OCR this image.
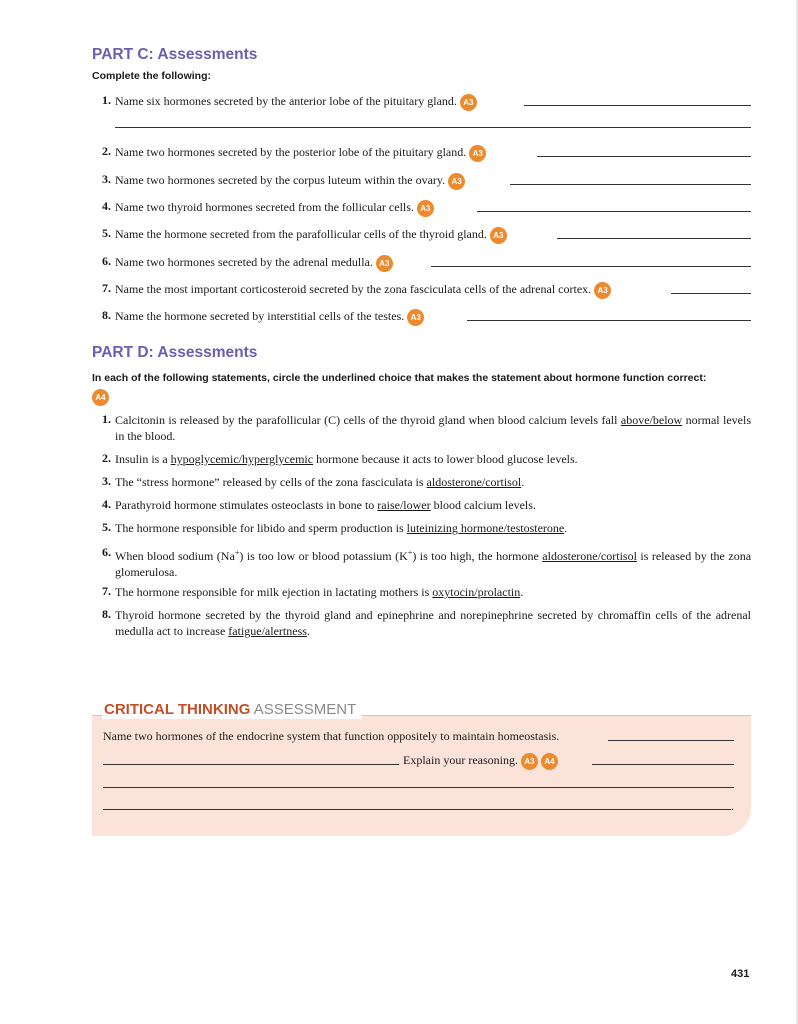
PART C: Assessments
Complete the following:
1. Name six hormones secreted by the anterior lobe of the pituitary gland. A3
2. Name two hormones secreted by the posterior lobe of the pituitary gland. A3
3. Name two hormones secreted by the corpus luteum within the ovary. A3
4. Name two thyroid hormones secreted from the follicular cells. A3
5. Name the hormone secreted from the parafollicular cells of the thyroid gland. A3
6. Name two hormones secreted by the adrenal medulla. A3
7. Name the most important corticosteroid secreted by the zona fasciculata cells of the adrenal cortex. A3
8. Name the hormone secreted by interstitial cells of the testes. A3
PART D: Assessments
In each of the following statements, circle the underlined choice that makes the statement about hormone function correct:
A4
1. Calcitonin is released by the parafollicular (C) cells of the thyroid gland when blood calcium levels fall above/below normal levels in the blood.
2. Insulin is a hypoglycemic/hyperglycemic hormone because it acts to lower blood glucose levels.
3. The “stress hormone” released by cells of the zona fasciculata is aldosterone/cortisol.
4. Parathyroid hormone stimulates osteoclasts in bone to raise/lower blood calcium levels.
5. The hormone responsible for libido and sperm production is luteinizing hormone/testosterone.
6. When blood sodium (Na+) is too low or blood potassium (K+) is too high, the hormone aldosterone/cortisol is released by the zona glomerulosa.
7. The hormone responsible for milk ejection in lactating mothers is oxytocin/prolactin.
8. Thyroid hormone secreted by the thyroid gland and epinephrine and norepinephrine secreted by chromaffin cells of the adrenal medulla act to increase fatigue/alertness.
CRITICAL THINKING ASSESSMENT
Name two hormones of the endocrine system that function oppositely to maintain homeostasis.
Explain your reasoning. A3 A4
.
431
